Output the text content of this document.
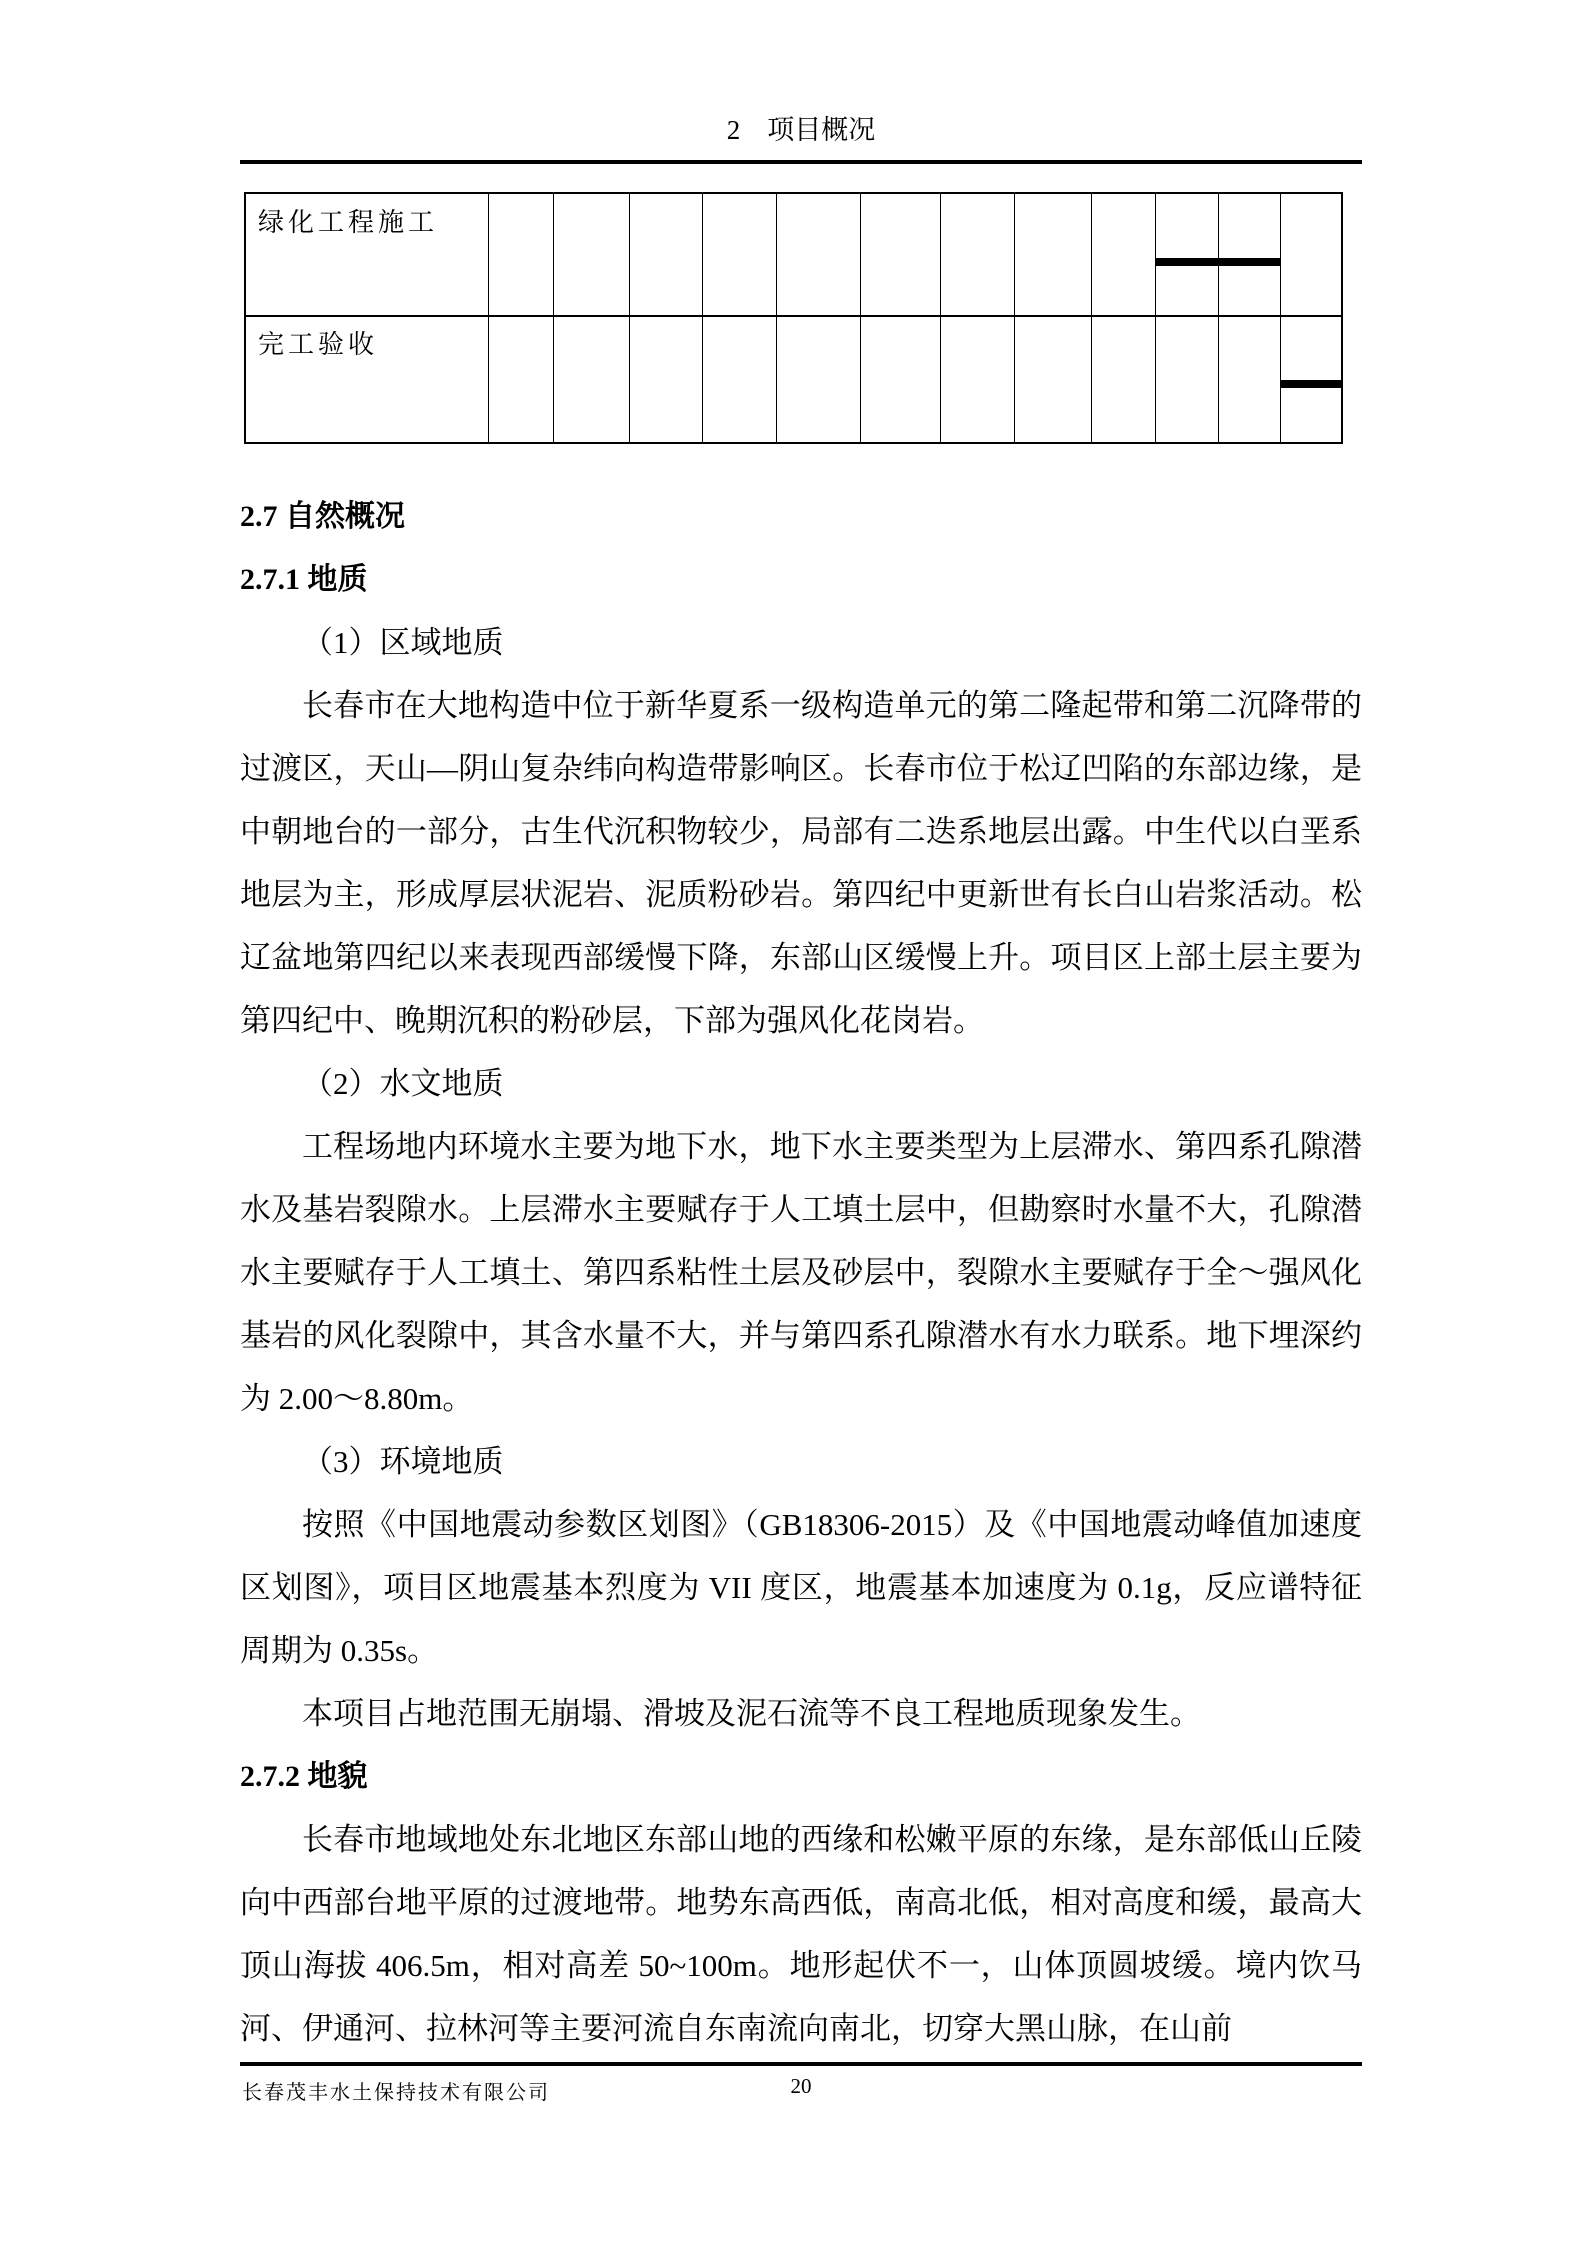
2　项目概况
绿化工程施工
完工验收
2.7 自然概况
2.7.1 地质
（1）区域地质
长春市在大地构造中位于新华夏系一级构造单元的第二隆起带和第二沉降带的过渡区，天山—阴山复杂纬向构造带影响区。长春市位于松辽凹陷的东部边缘，是中朝地台的一部分，古生代沉积物较少，局部有二迭系地层出露。中生代以白垩系地层为主，形成厚层状泥岩、泥质粉砂岩。第四纪中更新世有长白山岩浆活动。松辽盆地第四纪以来表现西部缓慢下降，东部山区缓慢上升。项目区上部土层主要为第四纪中、晚期沉积的粉砂层，下部为强风化花岗岩。
（2）水文地质
工程场地内环境水主要为地下水，地下水主要类型为上层滞水、第四系孔隙潜水及基岩裂隙水。上层滞水主要赋存于人工填土层中，但勘察时水量不大，孔隙潜水主要赋存于人工填土、第四系粘性土层及砂层中，裂隙水主要赋存于全～强风化基岩的风化裂隙中，其含水量不大，并与第四系孔隙潜水有水力联系。地下埋深约为 2.00～8.80m。
（3）环境地质
按照《中国地震动参数区划图》（GB18306-2015）及《中国地震动峰值加速度区划图》，项目区地震基本烈度为 VII 度区，地震基本加速度为 0.1g，反应谱特征周期为 0.35s。
本项目占地范围无崩塌、滑坡及泥石流等不良工程地质现象发生。
2.7.2 地貌
长春市地域地处东北地区东部山地的西缘和松嫩平原的东缘，是东部低山丘陵向中西部台地平原的过渡地带。地势东高西低，南高北低，相对高度和缓，最高大顶山海拔 406.5m，相对高差 50~100m。地形起伏不一，山体顶圆坡缓。境内饮马河、伊通河、拉林河等主要河流自东南流向南北，切穿大黑山脉，在山前
20
长春茂丰水土保持技术有限公司
